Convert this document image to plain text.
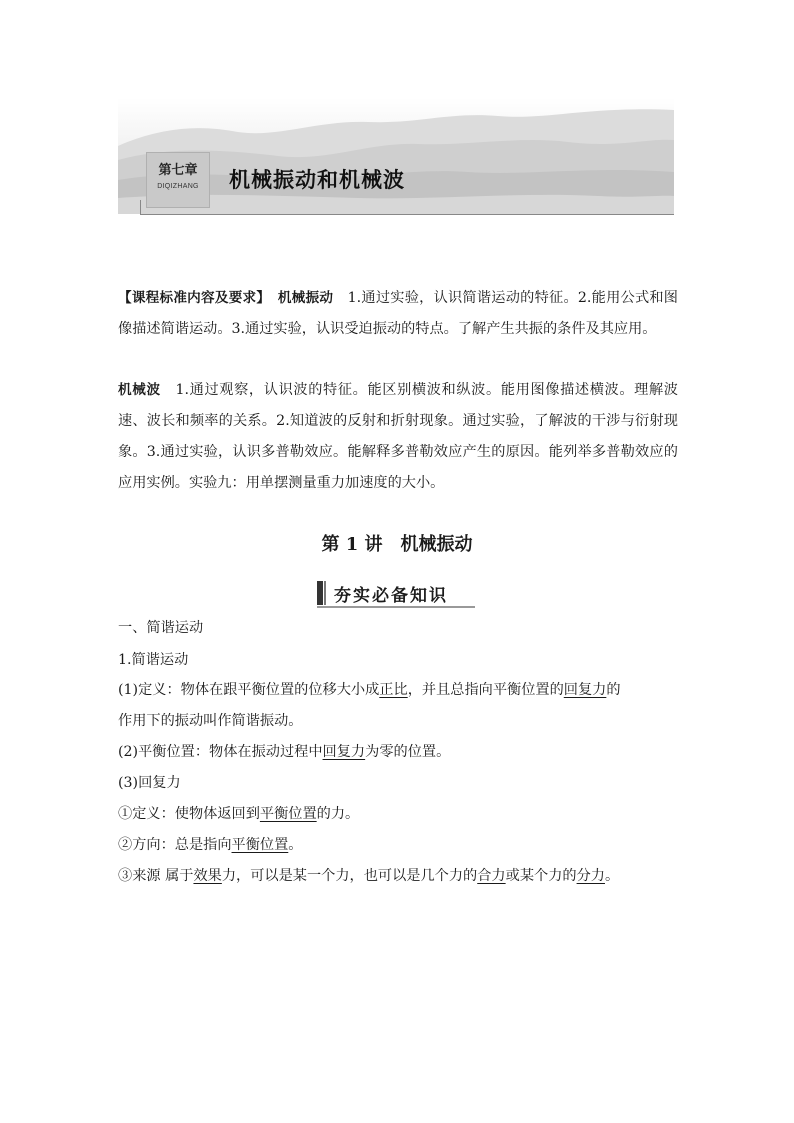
第七章
DIQIZHANG	机械振动和机械波
【课程标准内容及要求】　 机械振动　 1.通过实验，认识简谐运动的特征。2.能用公式和图像描述简谐运动。3.通过实验，认识受迫振动的特点。了解产生共振的条件及其应用。
机械波　 1.通过观察，认识波的特征。能区别横波和纵波。能用图像描述横波。理解波速、波长和频率的关系。2.知道波的反射和折射现象。通过实验，了解波的干涉与衍射现象。3.通过实验，认识多普勒效应。能解释多普勒效应产生的原因。能列举多普勒效应的应用实例。实验九：用单摆测量重力加速度的大小。
第 1 讲　机械振动
夯实必备知识
一、简谐运动
1.简谐运动
(1)定义：物体在跟平衡位置的位移大小成正比，并且总指向平衡位置的回复力的
作用下的振动叫作简谐振动。
(2)平衡位置：物体在振动过程中回复力为零的位置。
(3)回复力
①定义：使物体返回到平衡位置的力。
②方向：总是指向平衡位置。
③来源 属于效果力，可以是某一个力，也可以是几个力的合力或某个力的分力。
